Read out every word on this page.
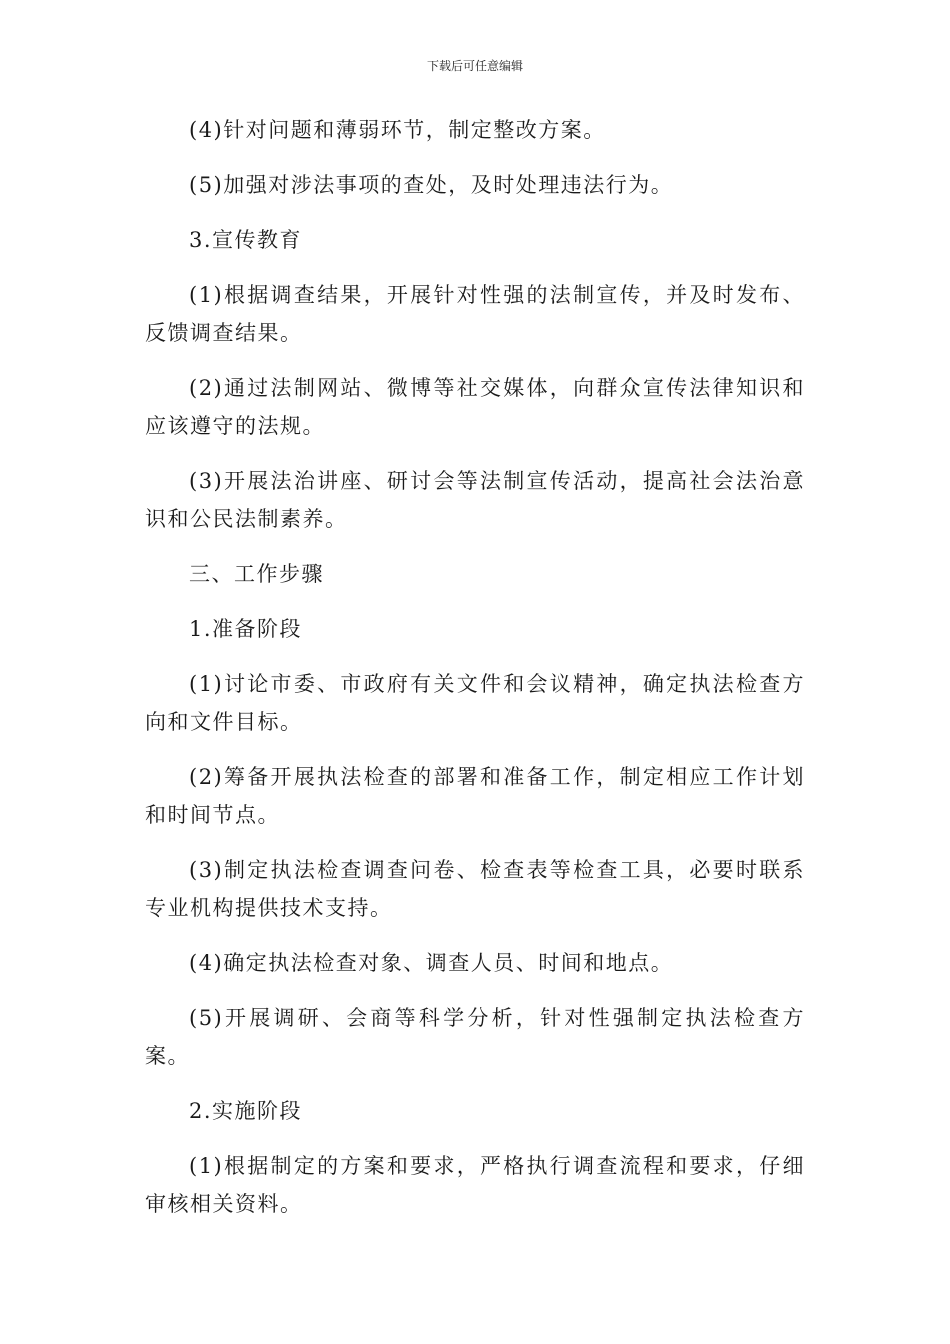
下载后可任意编辑

(4)针对问题和薄弱环节，制定整改方案。

(5)加强对涉法事项的查处，及时处理违法行为。

3.宣传教育

(1)根据调查结果，开展针对性强的法制宣传，并及时发布、反馈调查结果。

(2)通过法制网站、微博等社交媒体，向群众宣传法律知识和应该遵守的法规。

(3)开展法治讲座、研讨会等法制宣传活动，提高社会法治意识和公民法制素养。

三、工作步骤

1.准备阶段

(1)讨论市委、市政府有关文件和会议精神，确定执法检查方向和文件目标。

(2)筹备开展执法检查的部署和准备工作，制定相应工作计划和时间节点。

(3)制定执法检查调查问卷、检查表等检查工具，必要时联系专业机构提供技术支持。

(4)确定执法检查对象、调查人员、时间和地点。

(5)开展调研、会商等科学分析，针对性强制定执法检查方案。

2.实施阶段

(1)根据制定的方案和要求，严格执行调查流程和要求，仔细审核相关资料。
